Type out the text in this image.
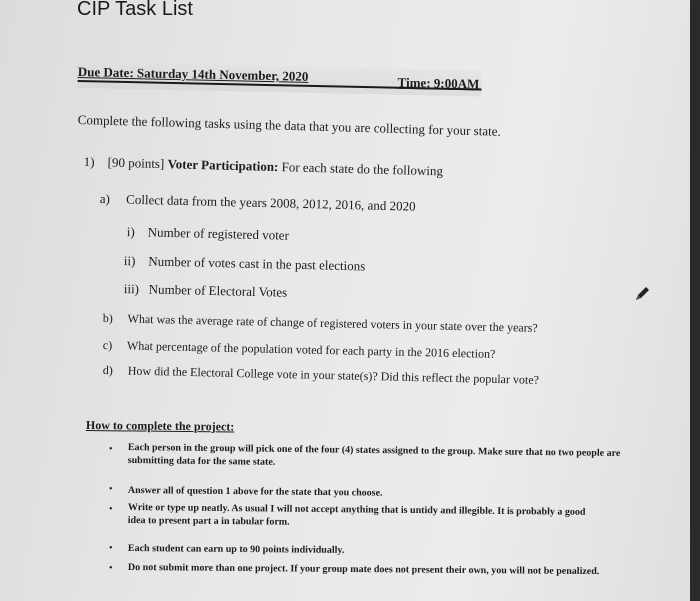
CIP Task List
Due Date: Saturday 14th November, 2020	Time: 9:00AM
Complete the following tasks using the data that you are collecting for your state.
1) [90 points] Voter Participation: For each state do the following
a) Collect data from the years 2008, 2012, 2016, and 2020
i) Number of registered voter
ii) Number of votes cast in the past elections
iii) Number of Electoral Votes
b) What was the average rate of change of registered voters in your state over the years?
c) What percentage of the population voted for each party in the 2016 election?
d) How did the Electoral College vote in your state(s)? Did this reflect the popular vote?
How to complete the project:
• Each person in the group will pick one of the four (4) states assigned to the group. Make sure that no two people are submitting data for the same state.
• Answer all of question 1 above for the state that you choose.
• Write or type up neatly. As usual I will not accept anything that is untidy and illegible. It is probably a good idea to present part a in tabular form.
• Each student can earn up to 90 points individually.
• Do not submit more than one project. If your group mate does not present their own, you will not be penalized.
